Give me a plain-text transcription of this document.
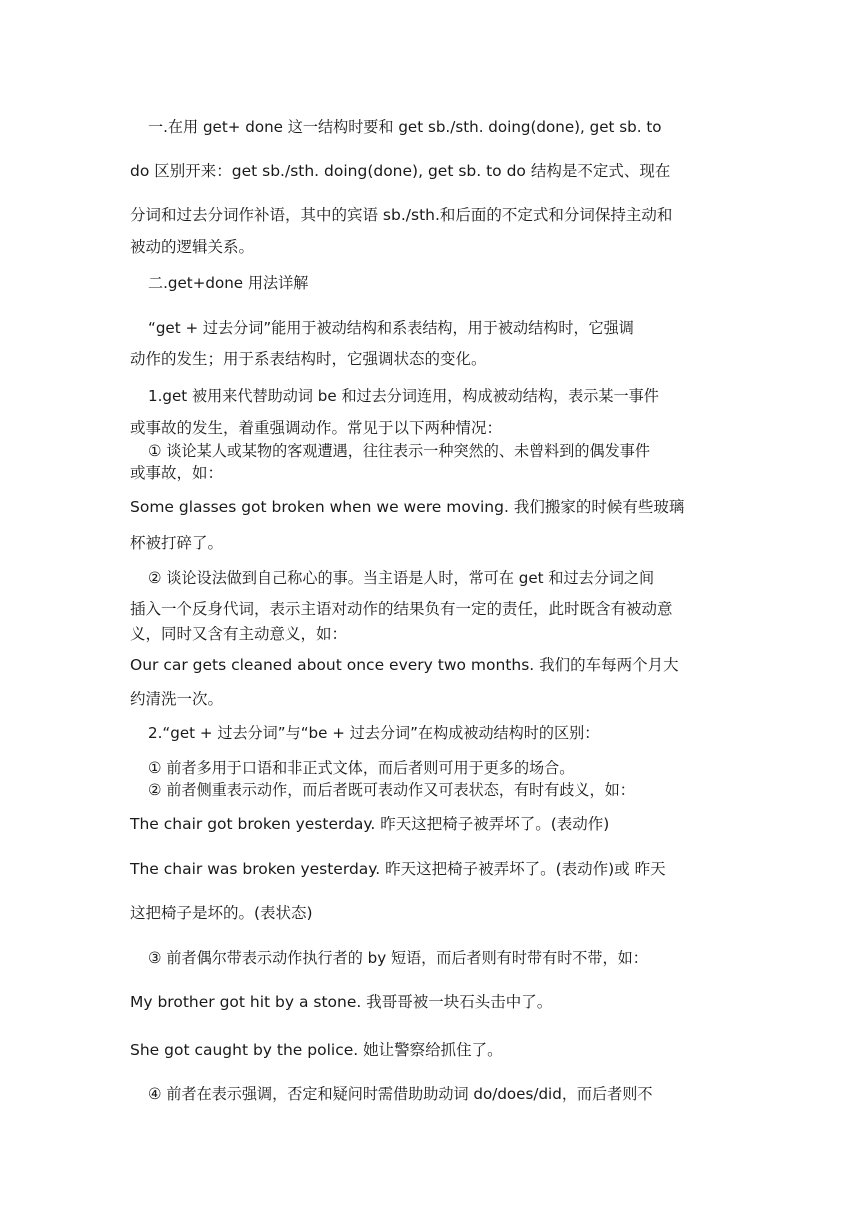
一.在用 get+ done 这一结构时要和 get sb./sth. doing(done), get sb. to
do 区别开来：get sb./sth. doing(done), get sb. to do 结构是不定式、现在
分词和过去分词作补语，其中的宾语 sb./sth.和后面的不定式和分词保持主动和
被动的逻辑关系。
二.get+done 用法详解
“get + 过去分词”能用于被动结构和系表结构，用于被动结构时，它强调
动作的发生；用于系表结构时，它强调状态的变化。
1.get 被用来代替助动词 be 和过去分词连用，构成被动结构，表示某一事件
或事故的发生，着重强调动作。常见于以下两种情况：
① 谈论某人或某物的客观遭遇，往往表示一种突然的、未曾料到的偶发事件
或事故，如：
Some glasses got broken when we were moving. 我们搬家的时候有些玻璃
杯被打碎了。
② 谈论设法做到自己称心的事。当主语是人时，常可在 get 和过去分词之间
插入一个反身代词，表示主语对动作的结果负有一定的责任，此时既含有被动意
义，同时又含有主动意义，如：
Our car gets cleaned about once every two months. 我们的车每两个月大
约清洗一次。
2.“get + 过去分词”与“be + 过去分词”在构成被动结构时的区别：
① 前者多用于口语和非正式文体，而后者则可用于更多的场合。
② 前者侧重表示动作，而后者既可表动作又可表状态，有时有歧义，如：
The chair got broken yesterday. 昨天这把椅子被弄坏了。(表动作)
The chair was broken yesterday. 昨天这把椅子被弄坏了。(表动作)或 昨天
这把椅子是坏的。(表状态)
③ 前者偶尔带表示动作执行者的 by 短语，而后者则有时带有时不带，如：
My brother got hit by a stone. 我哥哥被一块石头击中了。
She got caught by the police. 她让警察给抓住了。
④ 前者在表示强调，否定和疑问时需借助助动词 do/does/did，而后者则不
